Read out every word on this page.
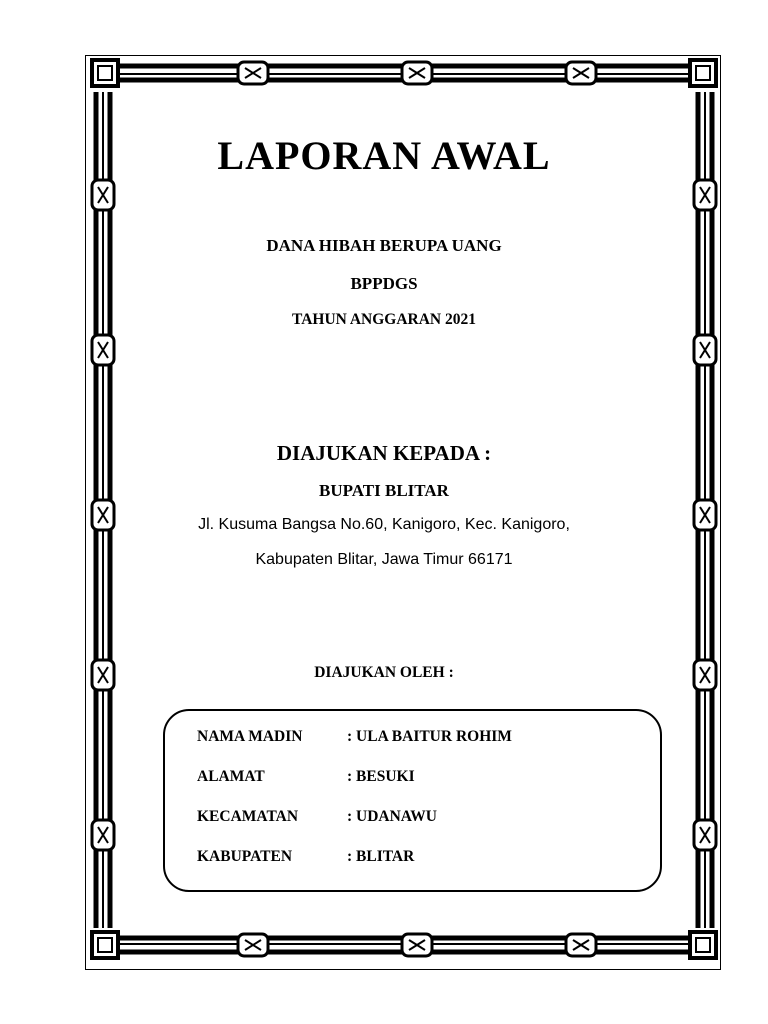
LAPORAN AWAL
DANA HIBAH BERUPA UANG
BPPDGS
TAHUN ANGGARAN 2021
DIAJUKAN KEPADA :
BUPATI BLITAR
Jl. Kusuma Bangsa No.60, Kanigoro, Kec. Kanigoro,
Kabupaten Blitar, Jawa Timur 66171
DIAJUKAN OLEH :
NAMA MADIN	: ULA BAITUR ROHIM
ALAMAT	: BESUKI
KECAMATAN	: UDANAWU
KABUPATEN	: BLITAR
